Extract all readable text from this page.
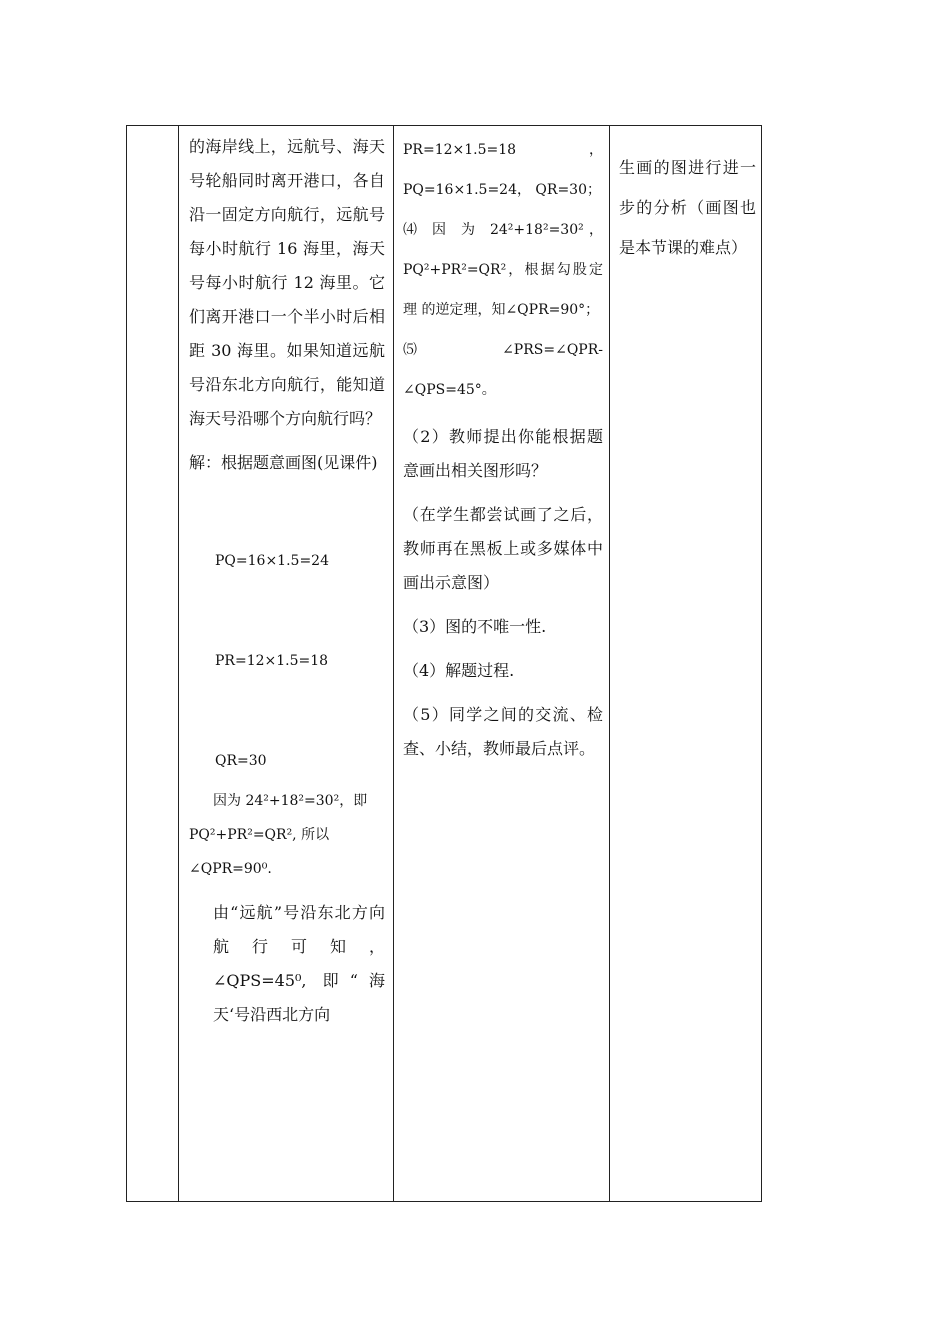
的海岸线上，远航号、海天号轮船同时离开港口，各自沿一固定方向航行，远航号每小时航行 16 海里，海天号每小时航行 12 海里。它们离开港口一个半小时后相距 30 海里。如果知道远航号沿东北方向航行，能知道海天号沿哪个方向航行吗？

解：根据题意画图(见课件)

PQ=16×1.5=24

PR=12×1.5=18

QR=30

因为 24²+18²=30²，即

PQ²+PR²=QR², 所以

∠QPR=90⁰.

由“远航”号沿东北方向航行可知， ∠QPS=45⁰, 即“海天‘号沿西北方向

PR=12×1.5=18， PQ=16×1.5=24， QR=30；

⑷ 因 为 24²+18²=30²，PQ²+PR²=QR²，根据勾股定理 的逆定理，知∠QPR=90°；

⑸∠PRS=∠QPR-∠QPS=45°。

（2）教师提出你能根据题意画出相关图形吗？

（在学生都尝试画了之后，教师再在黑板上或多媒体中画出示意图）

（3）图的不唯一性.

（4）解题过程.

（5）同学之间的交流、检查、小结，教师最后点评。

生画的图进行进一步的分析（画图也是本节课的难点）
